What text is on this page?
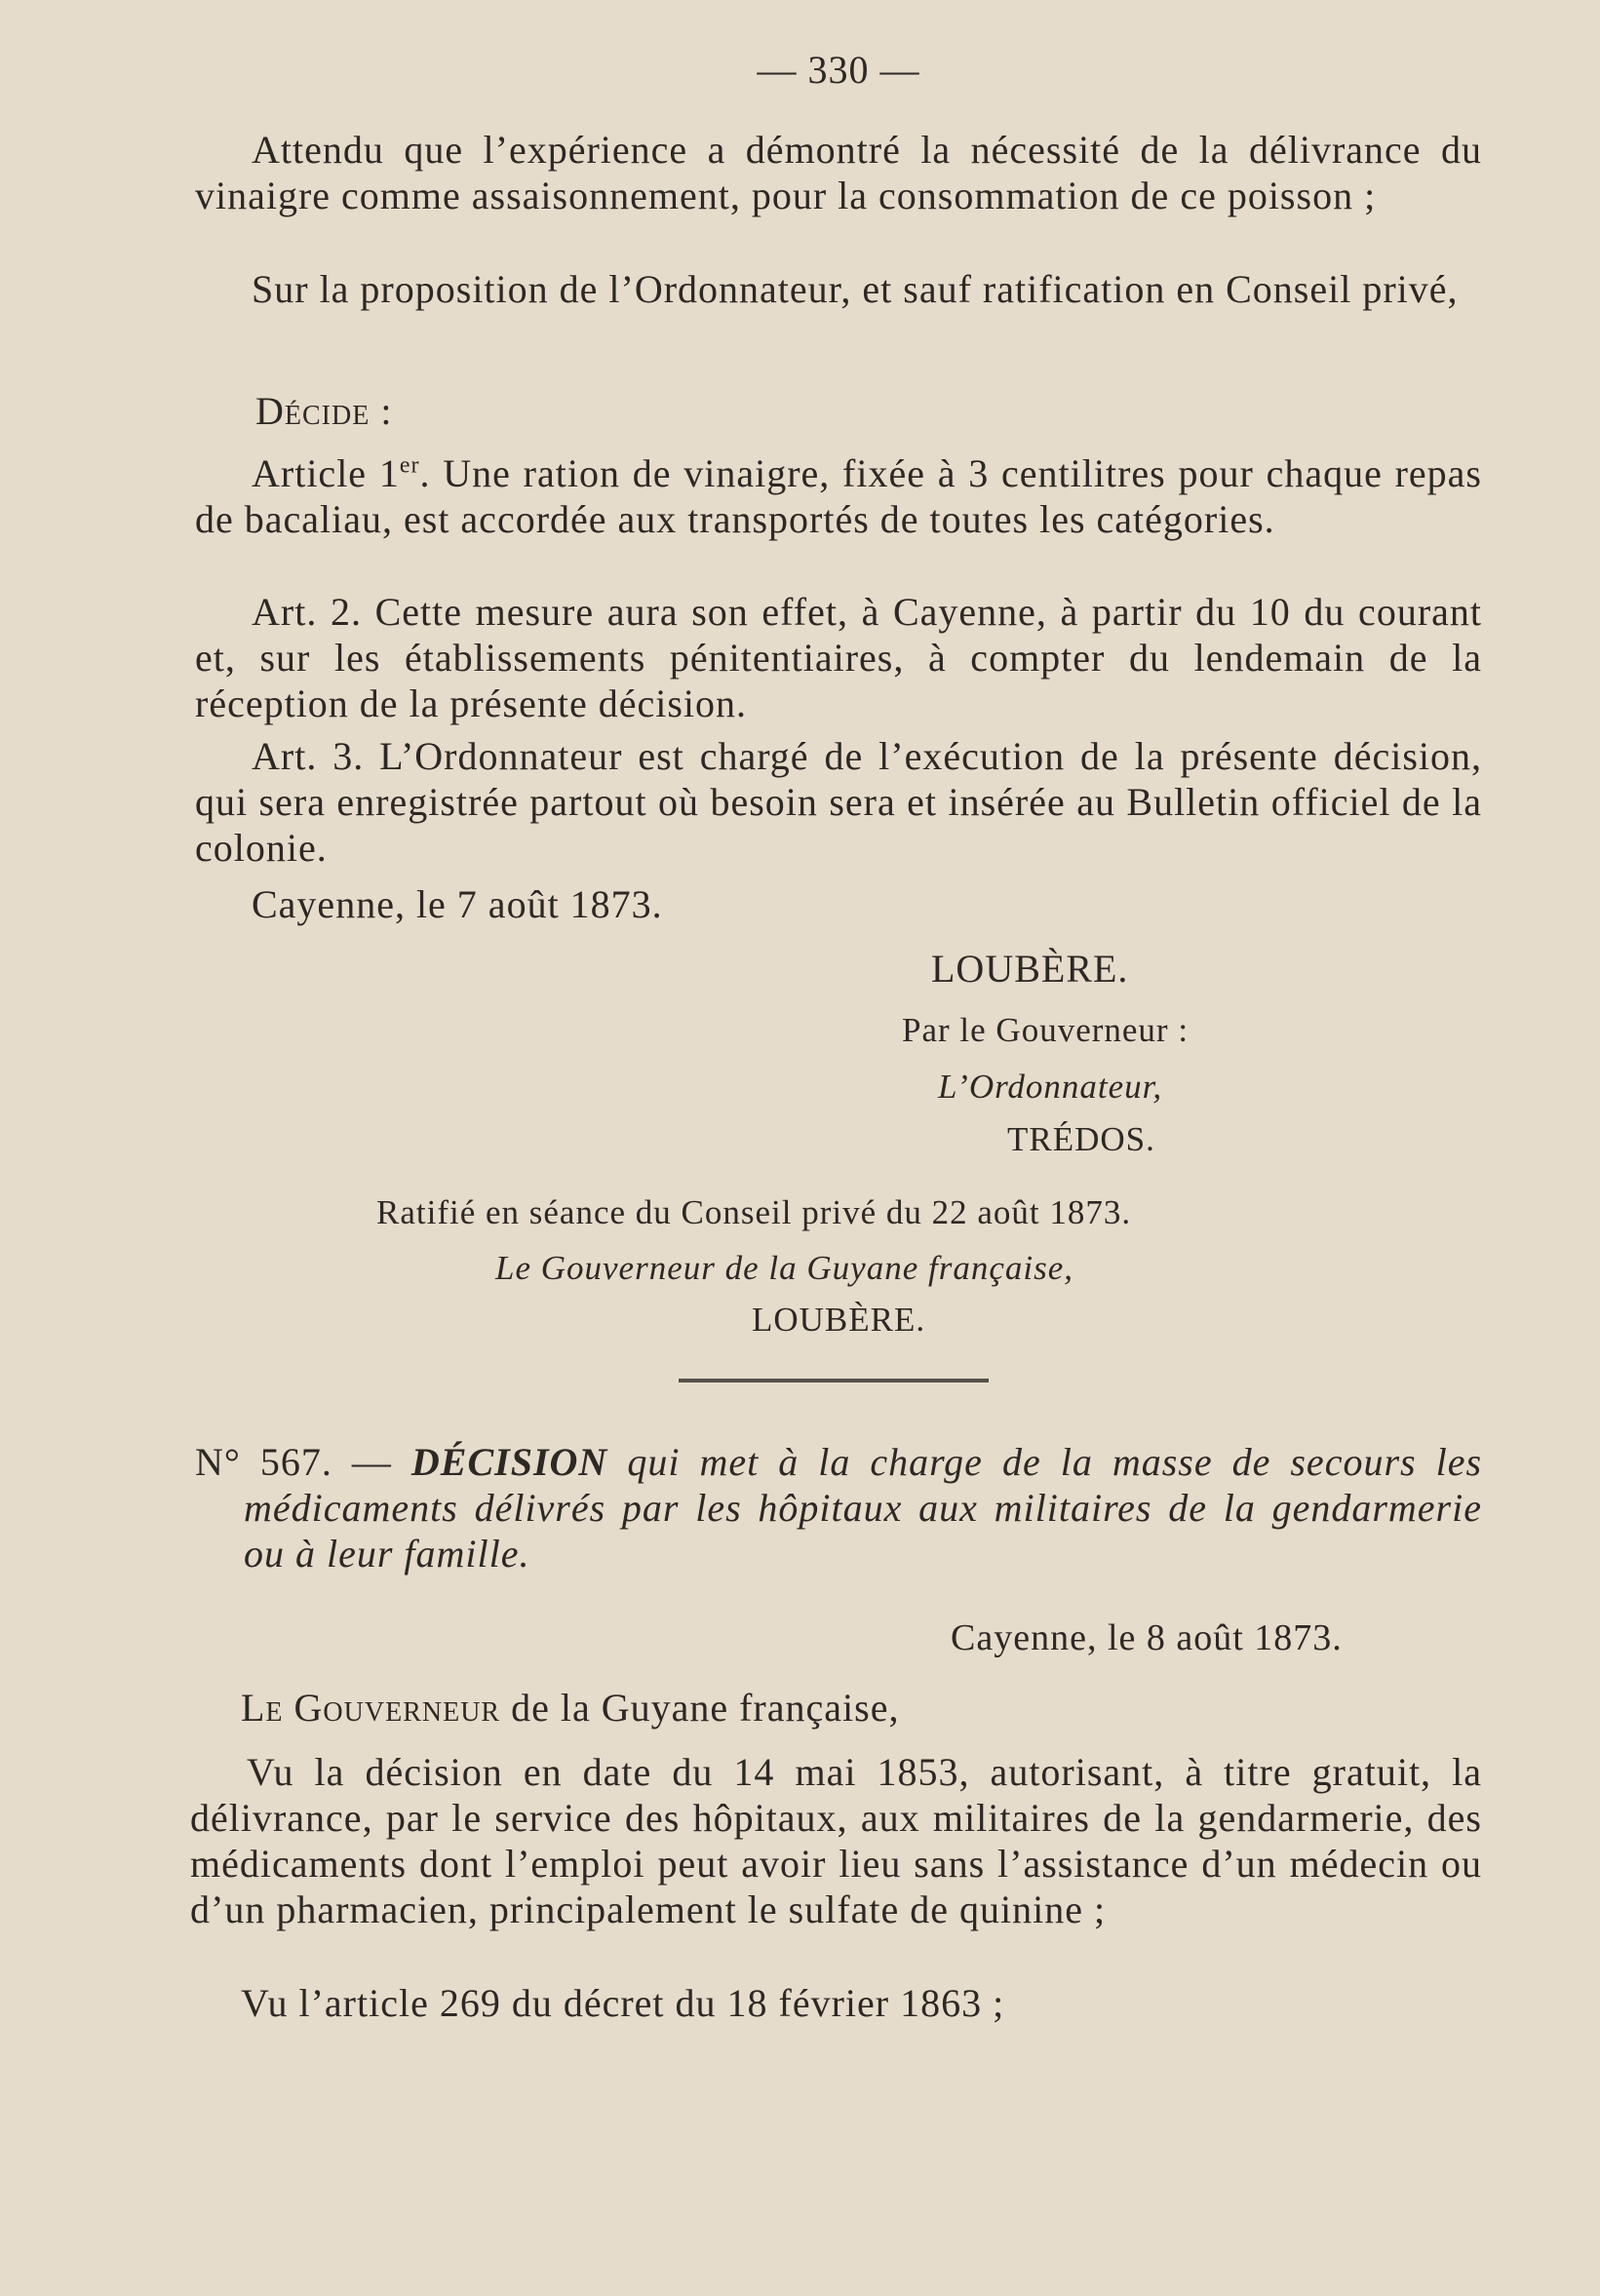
— 330 —

Attendu que l’expérience a démontré la nécessité de la délivrance du vinaigre comme assaisonnement, pour la consommation de ce poisson ;

Sur la proposition de l’Ordonnateur, et sauf ratification en Conseil privé,

Décide :

Article 1er. Une ration de vinaigre, fixée à 3 centilitres pour chaque repas de bacaliau, est accordée aux transportés de toutes les catégories.

Art. 2. Cette mesure aura son effet, à Cayenne, à partir du 10 du courant et, sur les établissements pénitentiaires, à compter du lendemain de la réception de la présente décision.

Art. 3. L’Ordonnateur est chargé de l’exécution de la présente décision, qui sera enregistrée partout où besoin sera et insérée au Bulletin officiel de la colonie.

Cayenne, le 7 août 1873.

LOUBÈRE.
Par le Gouverneur :
L’Ordonnateur,
TRÉDOS.
Ratifié en séance du Conseil privé du 22 août 1873.
Le Gouverneur de la Guyane française,
LOUBÈRE.

N° 567. — DÉCISION qui met à la charge de la masse de secours les médicaments délivrés par les hôpitaux aux militaires de la gendarmerie ou à leur famille.

Cayenne, le 8 août 1873.

Le Gouverneur de la Guyane française,

Vu la décision en date du 14 mai 1853, autorisant, à titre gratuit, la délivrance, par le service des hôpitaux, aux militaires de la gendarmerie, des médicaments dont l’emploi peut avoir lieu sans l’assistance d’un médecin ou d’un pharmacien, principalement le sulfate de quinine ;

Vu l’article 269 du décret du 18 février 1863 ;
